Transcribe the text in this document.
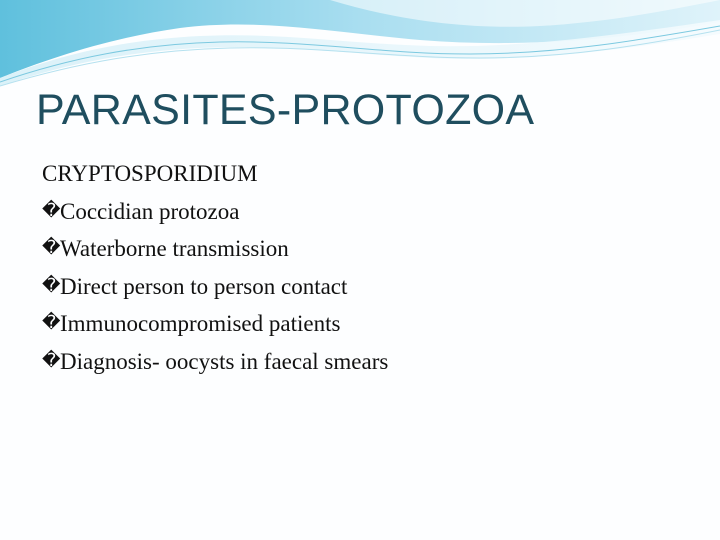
PARASITES-PROTOZOA
CRYPTOSPORIDIUM
� Coccidian protozoa
� Waterborne transmission
� Direct person to person contact
� Immunocompromised patients
� Diagnosis- oocysts in faecal smears
